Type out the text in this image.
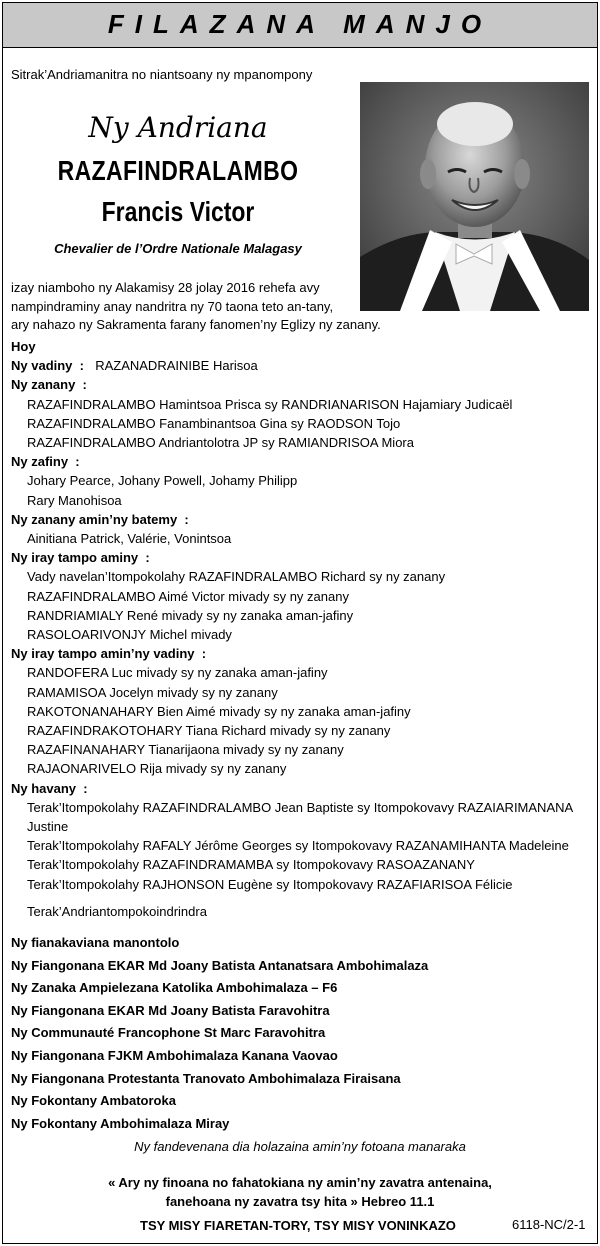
FILAZANA MANJO
Sitrak’Andriamanitra no niantsoany ny mpanompony
Ny Andriana
RAZAFINDRALAMBO
Francis Victor
Chevalier de l’Ordre Nationale Malagasy
izay niamboho ny Alakamisy 28 jolay 2016 rehefa avy
nampindraminy anay nandritra ny 70 taona teto an-tany,
ary nahazo ny Sakramenta farany fanomen’ny Eglizy ny zanany.
Hoy
Ny vadiny  :  RAZANADRAINIBE Harisoa
Ny zanany  :
RAZAFINDRALAMBO Hamintsoa Prisca sy RANDRIANARISON Hajamiary Judicaël
RAZAFINDRALAMBO Fanambinantsoa Gina sy RAODSON Tojo
RAZAFINDRALAMBO Andriantolotra JP sy RAMIANDRISOA Miora
Ny zafiny  :
Johary Pearce, Johany Powell, Johamy Philipp
Rary Manohisoa
Ny zanany amin’ny batemy  :
Ainitiana Patrick, Valérie, Vonintsoa
Ny iray tampo aminy  :
Vady navelan’Itompokolahy RAZAFINDRALAMBO Richard sy ny zanany
RAZAFINDRALAMBO Aimé Victor mivady sy ny zanany
RANDRIAMIALY René mivady sy ny zanaka aman-jafiny
RASOLOARIVONJY Michel mivady
Ny iray tampo amin’ny vadiny  :
RANDOFERA Luc mivady sy ny zanaka aman-jafiny
RAMAMISOA Jocelyn mivady sy ny zanany
RAKOTONANAHARY Bien Aimé mivady sy ny zanaka aman-jafiny
RAZAFINDRAKOTOHARY Tiana Richard mivady sy ny zanany
RAZAFINANAHARY Tianarijaona mivady sy ny zanany
RAJAONARIVELO Rija mivady sy ny zanany
Ny havany  :
Terak’Itompokolahy RAZAFINDRALAMBO Jean Baptiste sy Itompokovavy RAZAIARIMANANA
Justine
Terak’Itompokolahy RAFALY Jérôme Georges sy Itompokovavy RAZANAMIHANTA Madeleine
Terak’Itompokolahy RAZAFINDRAMAMBA sy Itompokovavy RASOAZANANY
Terak’Itompokolahy RAJHONSON Eugène sy Itompokovavy RAZAFIARISOA Félicie
Terak’Andriantompokoindrindra
Ny fianakaviana manontolo
Ny Fiangonana EKAR Md Joany Batista Antanatsara Ambohimalaza
Ny Zanaka Ampielezana Katolika Ambohimalaza – F6
Ny Fiangonana EKAR Md Joany Batista Faravohitra
Ny Communauté Francophone St Marc Faravohitra
Ny Fiangonana FJKM Ambohimalaza Kanana Vaovao
Ny Fiangonana Protestanta Tranovato Ambohimalaza Firaisana
Ny Fokontany Ambatoroka
Ny Fokontany Ambohimalaza Miray
Ny fandevenana dia holazaina amin’ny fotoana manaraka
« Ary ny finoana no fahatokiana ny amin’ny zavatra antenaina,
fanehoana ny zavatra tsy hita » Hebreo 11.1
TSY MISY FIARETAN-TORY, TSY MISY VONINKAZO	6118-NC/2-1
